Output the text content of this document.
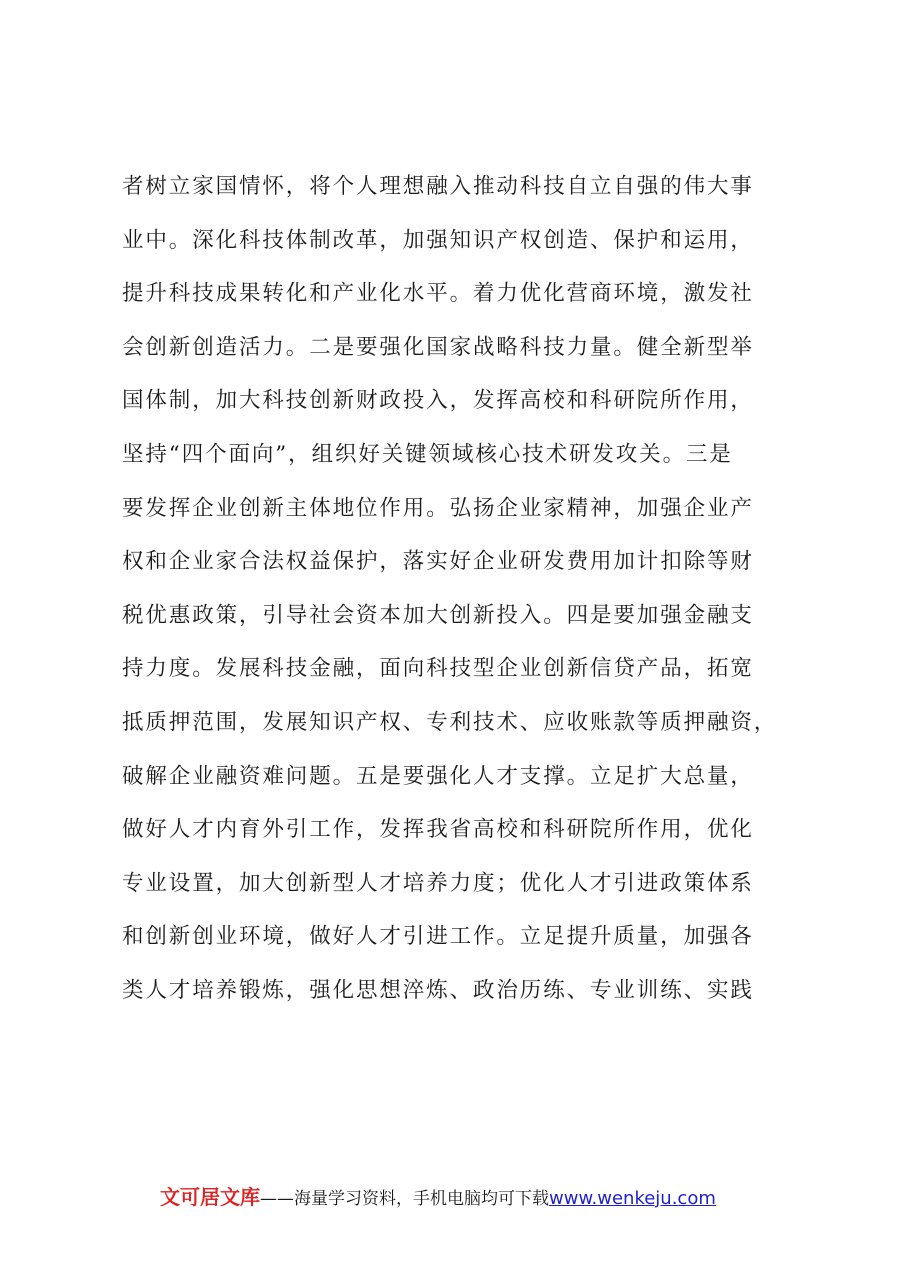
者树立家国情怀，将个人理想融入推动科技自立自强的伟大事
业中。深化科技体制改革，加强知识产权创造、保护和运用，
提升科技成果转化和产业化水平。着力优化营商环境，激发社
会创新创造活力。二是要强化国家战略科技力量。健全新型举
国体制，加大科技创新财政投入，发挥高校和科研院所作用，
坚持“四个面向”，组织好关键领域核心技术研发攻关。三是
要发挥企业创新主体地位作用。弘扬企业家精神，加强企业产
权和企业家合法权益保护，落实好企业研发费用加计扣除等财
税优惠政策，引导社会资本加大创新投入。四是要加强金融支
持力度。发展科技金融，面向科技型企业创新信贷产品，拓宽
抵质押范围，发展知识产权、专利技术、应收账款等质押融资，
破解企业融资难问题。五是要强化人才支撑。立足扩大总量，
做好人才内育外引工作，发挥我省高校和科研院所作用，优化
专业设置，加大创新型人才培养力度；优化人才引进政策体系
和创新创业环境，做好人才引进工作。立足提升质量，加强各
类人才培养锻炼，强化思想淬炼、政治历练、专业训练、实践
文可居文库——海量学习资料，手机电脑均可下载www.wenkeju.com
